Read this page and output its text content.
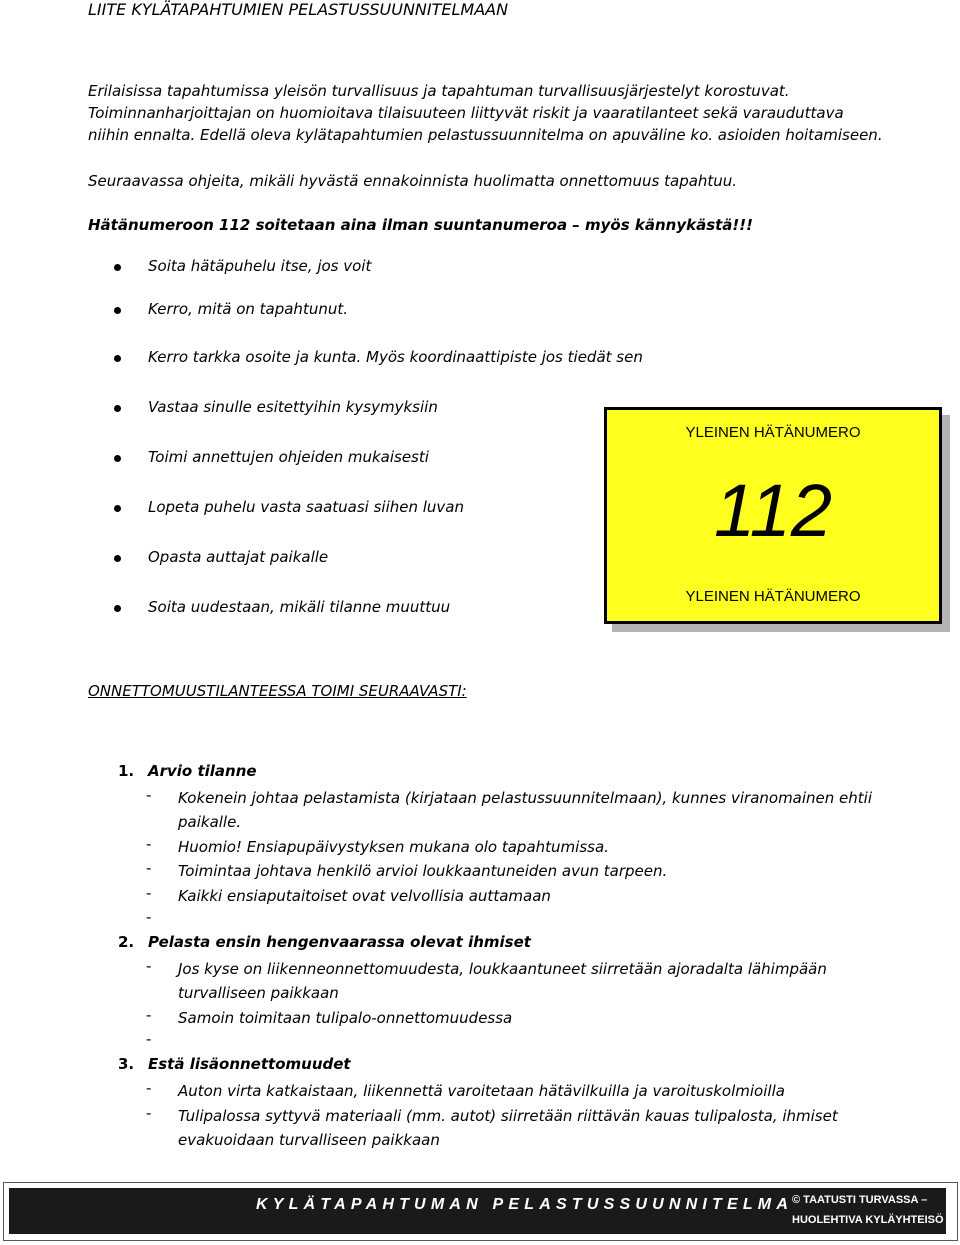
LIITE KYLÄTAPAHTUMIEN PELASTUSSUUNNITELMAAN
Erilaisissa tapahtumissa yleisön turvallisuus ja tapahtuman turvallisuusjärjestelyt korostuvat.
Toiminnanharjoittajan on huomioitava tilaisuuteen liittyvät riskit ja vaaratilanteet sekä varauduttava
niihin ennalta. Edellä oleva kylätapahtumien pelastussuunnitelma on apuväline ko. asioiden hoitamiseen.
Seuraavassa ohjeita, mikäli hyvästä ennakoinnista huolimatta onnettomuus tapahtuu.
Hätänumeroon 112 soitetaan aina ilman suuntanumeroa – myös kännykästä!!!
Soita hätäpuhelu itse, jos voit
Kerro, mitä on tapahtunut.
Kerro tarkka osoite ja kunta. Myös koordinaattipiste jos tiedät sen
Vastaa sinulle esitettyihin kysymyksiin
Toimi annettujen ohjeiden mukaisesti
Lopeta puhelu vasta saatuasi siihen luvan
Opasta auttajat paikalle
Soita uudestaan, mikäli tilanne muuttuu
YLEINEN HÄTÄNUMERO
112
YLEINEN HÄTÄNUMERO
ONNETTOMUUSTILANTEESSA TOIMI SEURAAVASTI:
1. Arvio tilanne
- Kokenein johtaa pelastamista (kirjataan pelastussuunnitelmaan), kunnes viranomainen ehtii
paikalle.
- Huomio! Ensiapupäivystyksen mukana olo tapahtumissa.
- Toimintaa johtava henkilö arvioi loukkaantuneiden avun tarpeen.
- Kaikki ensiaputaitoiset ovat velvollisia auttamaan
-
2. Pelasta ensin hengenvaarassa olevat ihmiset
- Jos kyse on liikenneonnettomuudesta, loukkaantuneet siirretään ajoradalta lähimpään
turvalliseen paikkaan
- Samoin toimitaan tulipalo-onnettomuudessa
-
3. Estä lisäonnettomuudet
- Auton virta katkaistaan, liikennettä varoitetaan hätävilkuilla ja varoituskolmioilla
- Tulipalossa syttyvä materiaali (mm. autot) siirretään riittävän kauas tulipalosta, ihmiset
evakuoidaan turvalliseen paikkaan
KYLÄTAPAHTUMAN PELASTUSSUUNNITELMA
© TAATUSTI TURVASSA –
HUOLEHTIVA KYLÄYHTEISÖ
